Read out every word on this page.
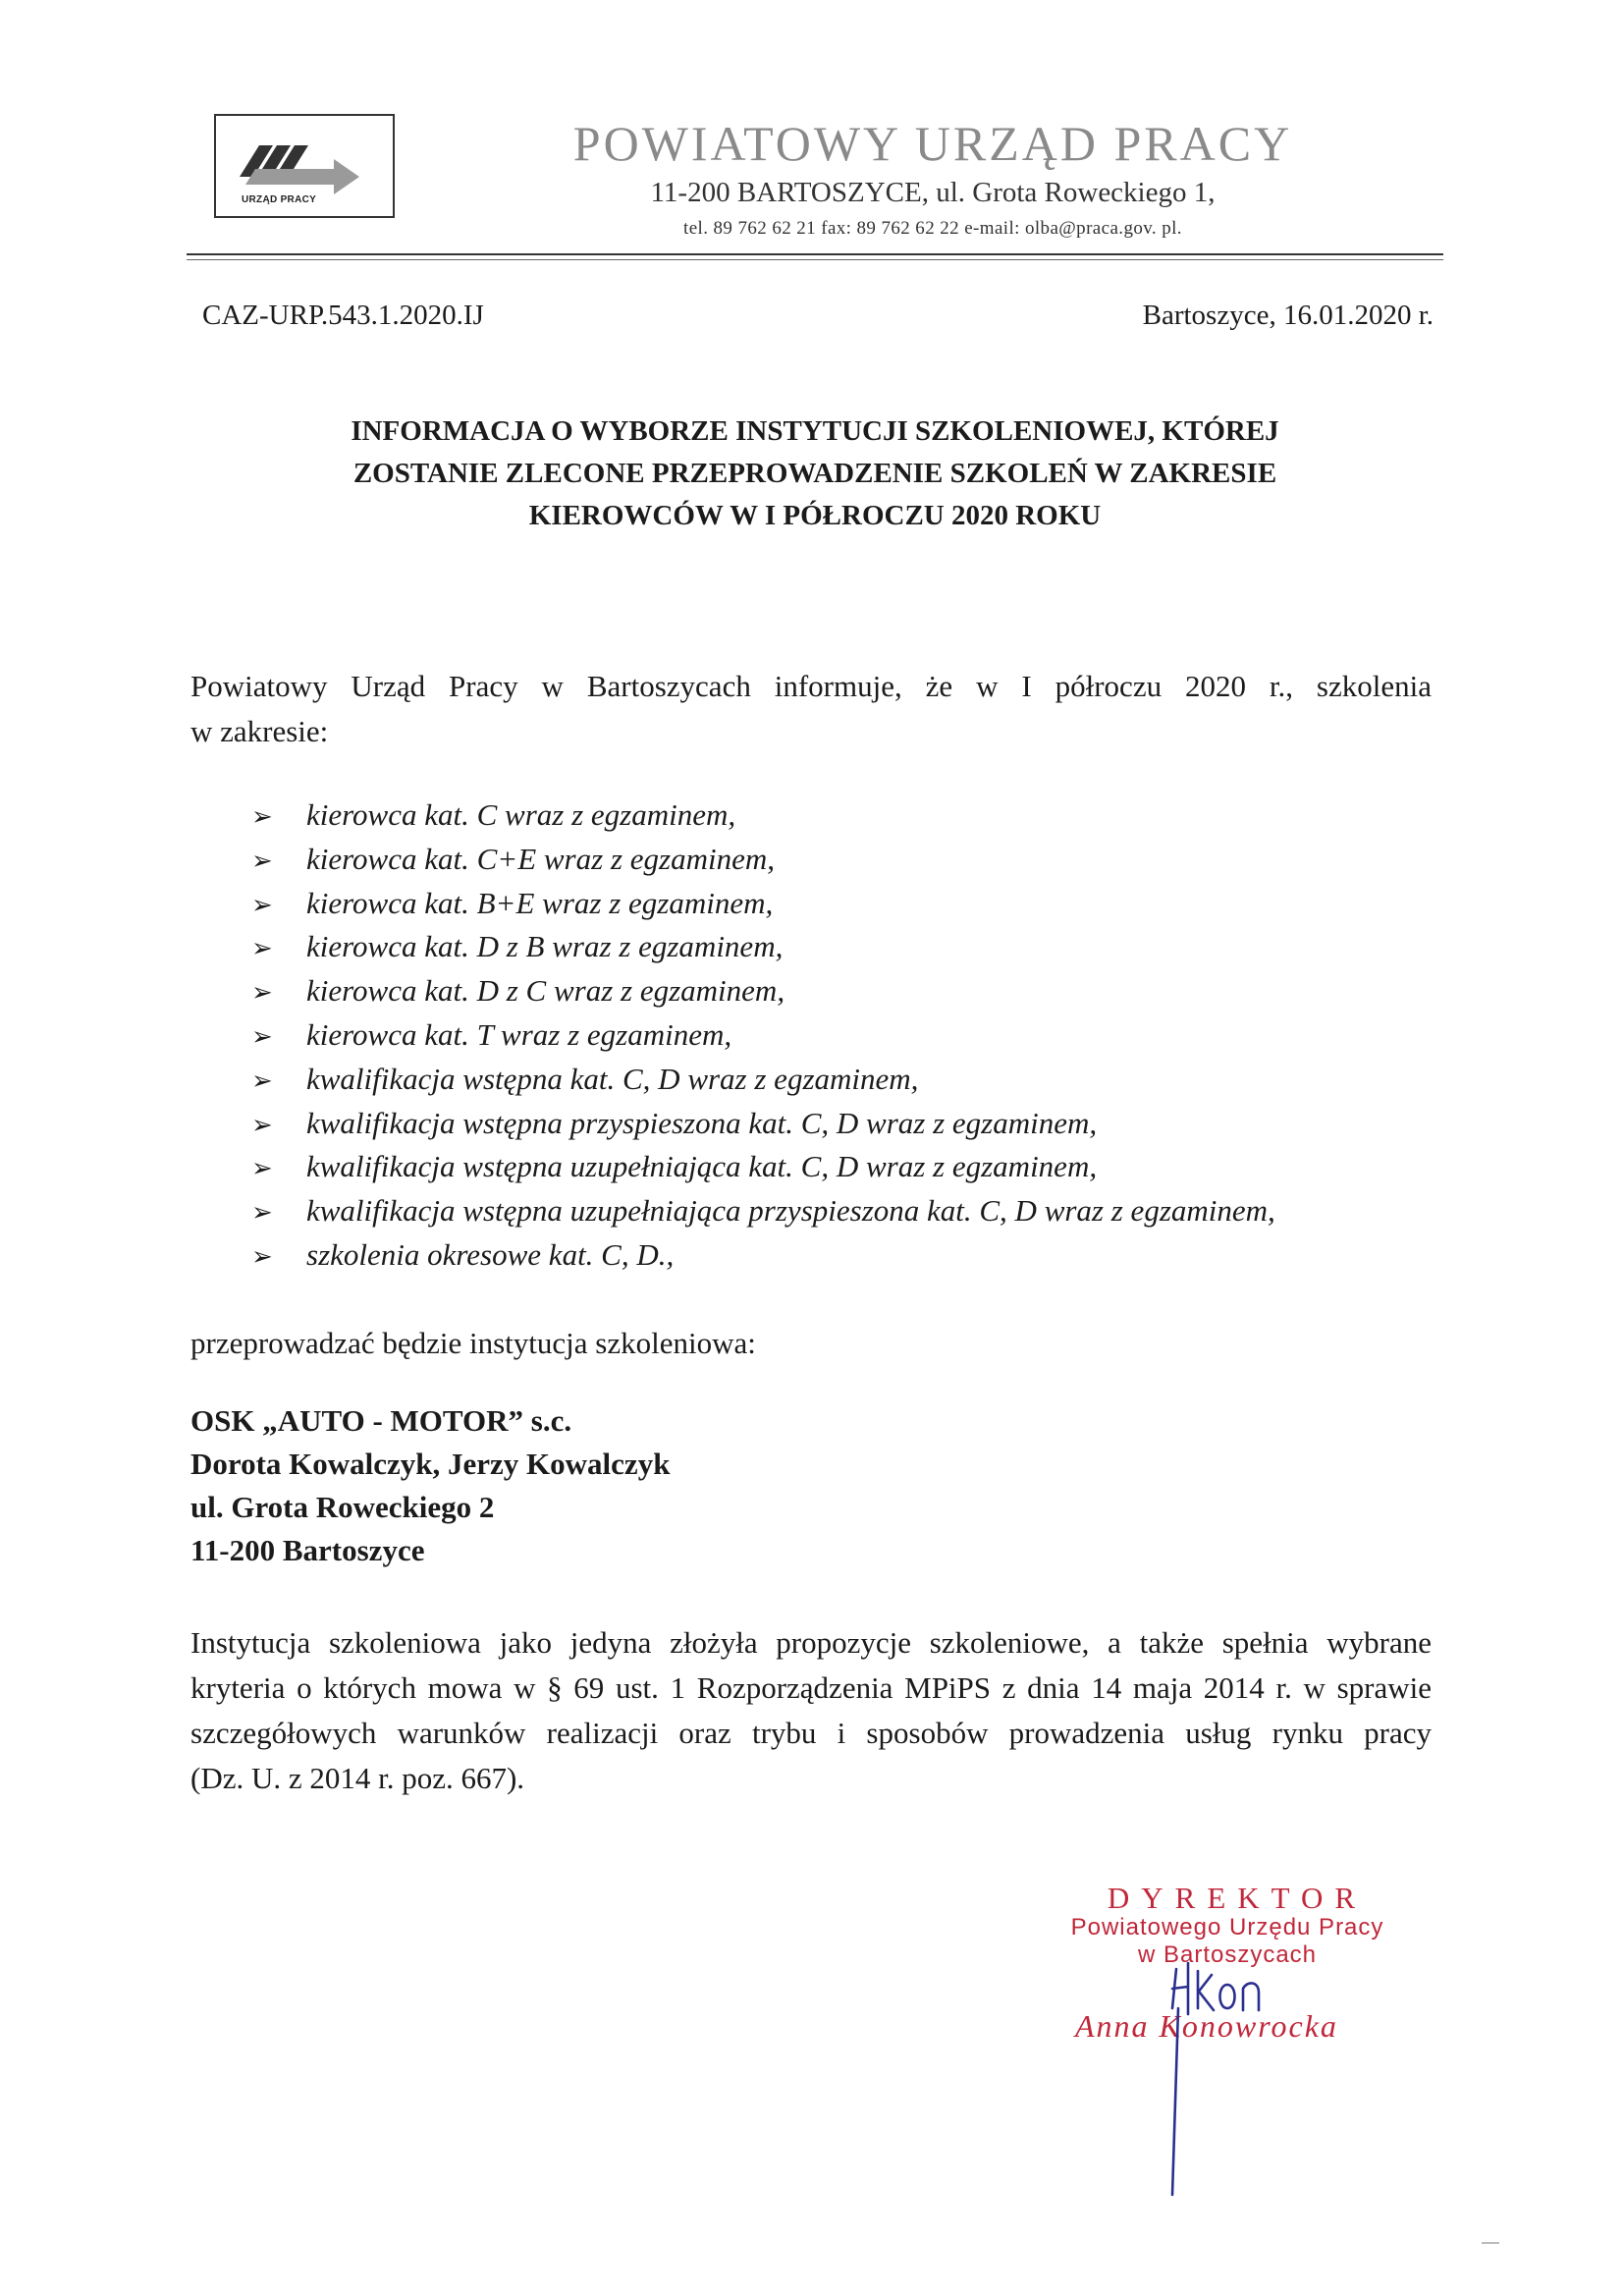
URZĄD PRACY
POWIATOWY URZĄD PRACY
11-200 BARTOSZYCE, ul. Grota Roweckiego 1,
tel. 89 762 62 21 fax: 89 762 62 22 e-mail: olba@praca.gov. pl.
CAZ-URP.543.1.2020.IJ	Bartoszyce, 16.01.2020 r.
INFORMACJA O WYBORZE INSTYTUCJI SZKOLENIOWEJ, KTÓREJ
ZOSTANIE ZLECONE PRZEPROWADZENIE SZKOLEŃ W ZAKRESIE
KIEROWCÓW W I PÓŁROCZU 2020 ROKU
Powiatowy Urząd Pracy w Bartoszycach informuje, że w I półroczu 2020 r., szkolenia
w zakresie:
➢ kierowca kat. C wraz z egzaminem,
➢ kierowca kat. C+E wraz z egzaminem,
➢ kierowca kat. B+E wraz z egzaminem,
➢ kierowca kat. D z B wraz z egzaminem,
➢ kierowca kat. D z C wraz z egzaminem,
➢ kierowca kat. T wraz z egzaminem,
➢ kwalifikacja wstępna kat. C, D wraz z egzaminem,
➢ kwalifikacja wstępna przyspieszona kat. C, D wraz z egzaminem,
➢ kwalifikacja wstępna uzupełniająca kat. C, D wraz z egzaminem,
➢ kwalifikacja wstępna uzupełniająca przyspieszona kat. C, D wraz z egzaminem,
➢ szkolenia okresowe kat. C, D.,
przeprowadzać będzie instytucja szkoleniowa:
OSK „AUTO - MOTOR” s.c.
Dorota Kowalczyk, Jerzy Kowalczyk
ul. Grota Roweckiego 2
11-200 Bartoszyce
Instytucja szkoleniowa jako jedyna złożyła propozycje szkoleniowe, a także spełnia wybrane
kryteria o których mowa w § 69 ust. 1 Rozporządzenia MPiPS z dnia 14 maja 2014 r. w sprawie
szczegółowych warunków realizacji oraz trybu i sposobów prowadzenia usług rynku pracy
(Dz. U. z 2014 r. poz. 667).
DYREKTOR
Powiatowego Urzędu Pracy
w Bartoszycach
Anna Konowrocka
